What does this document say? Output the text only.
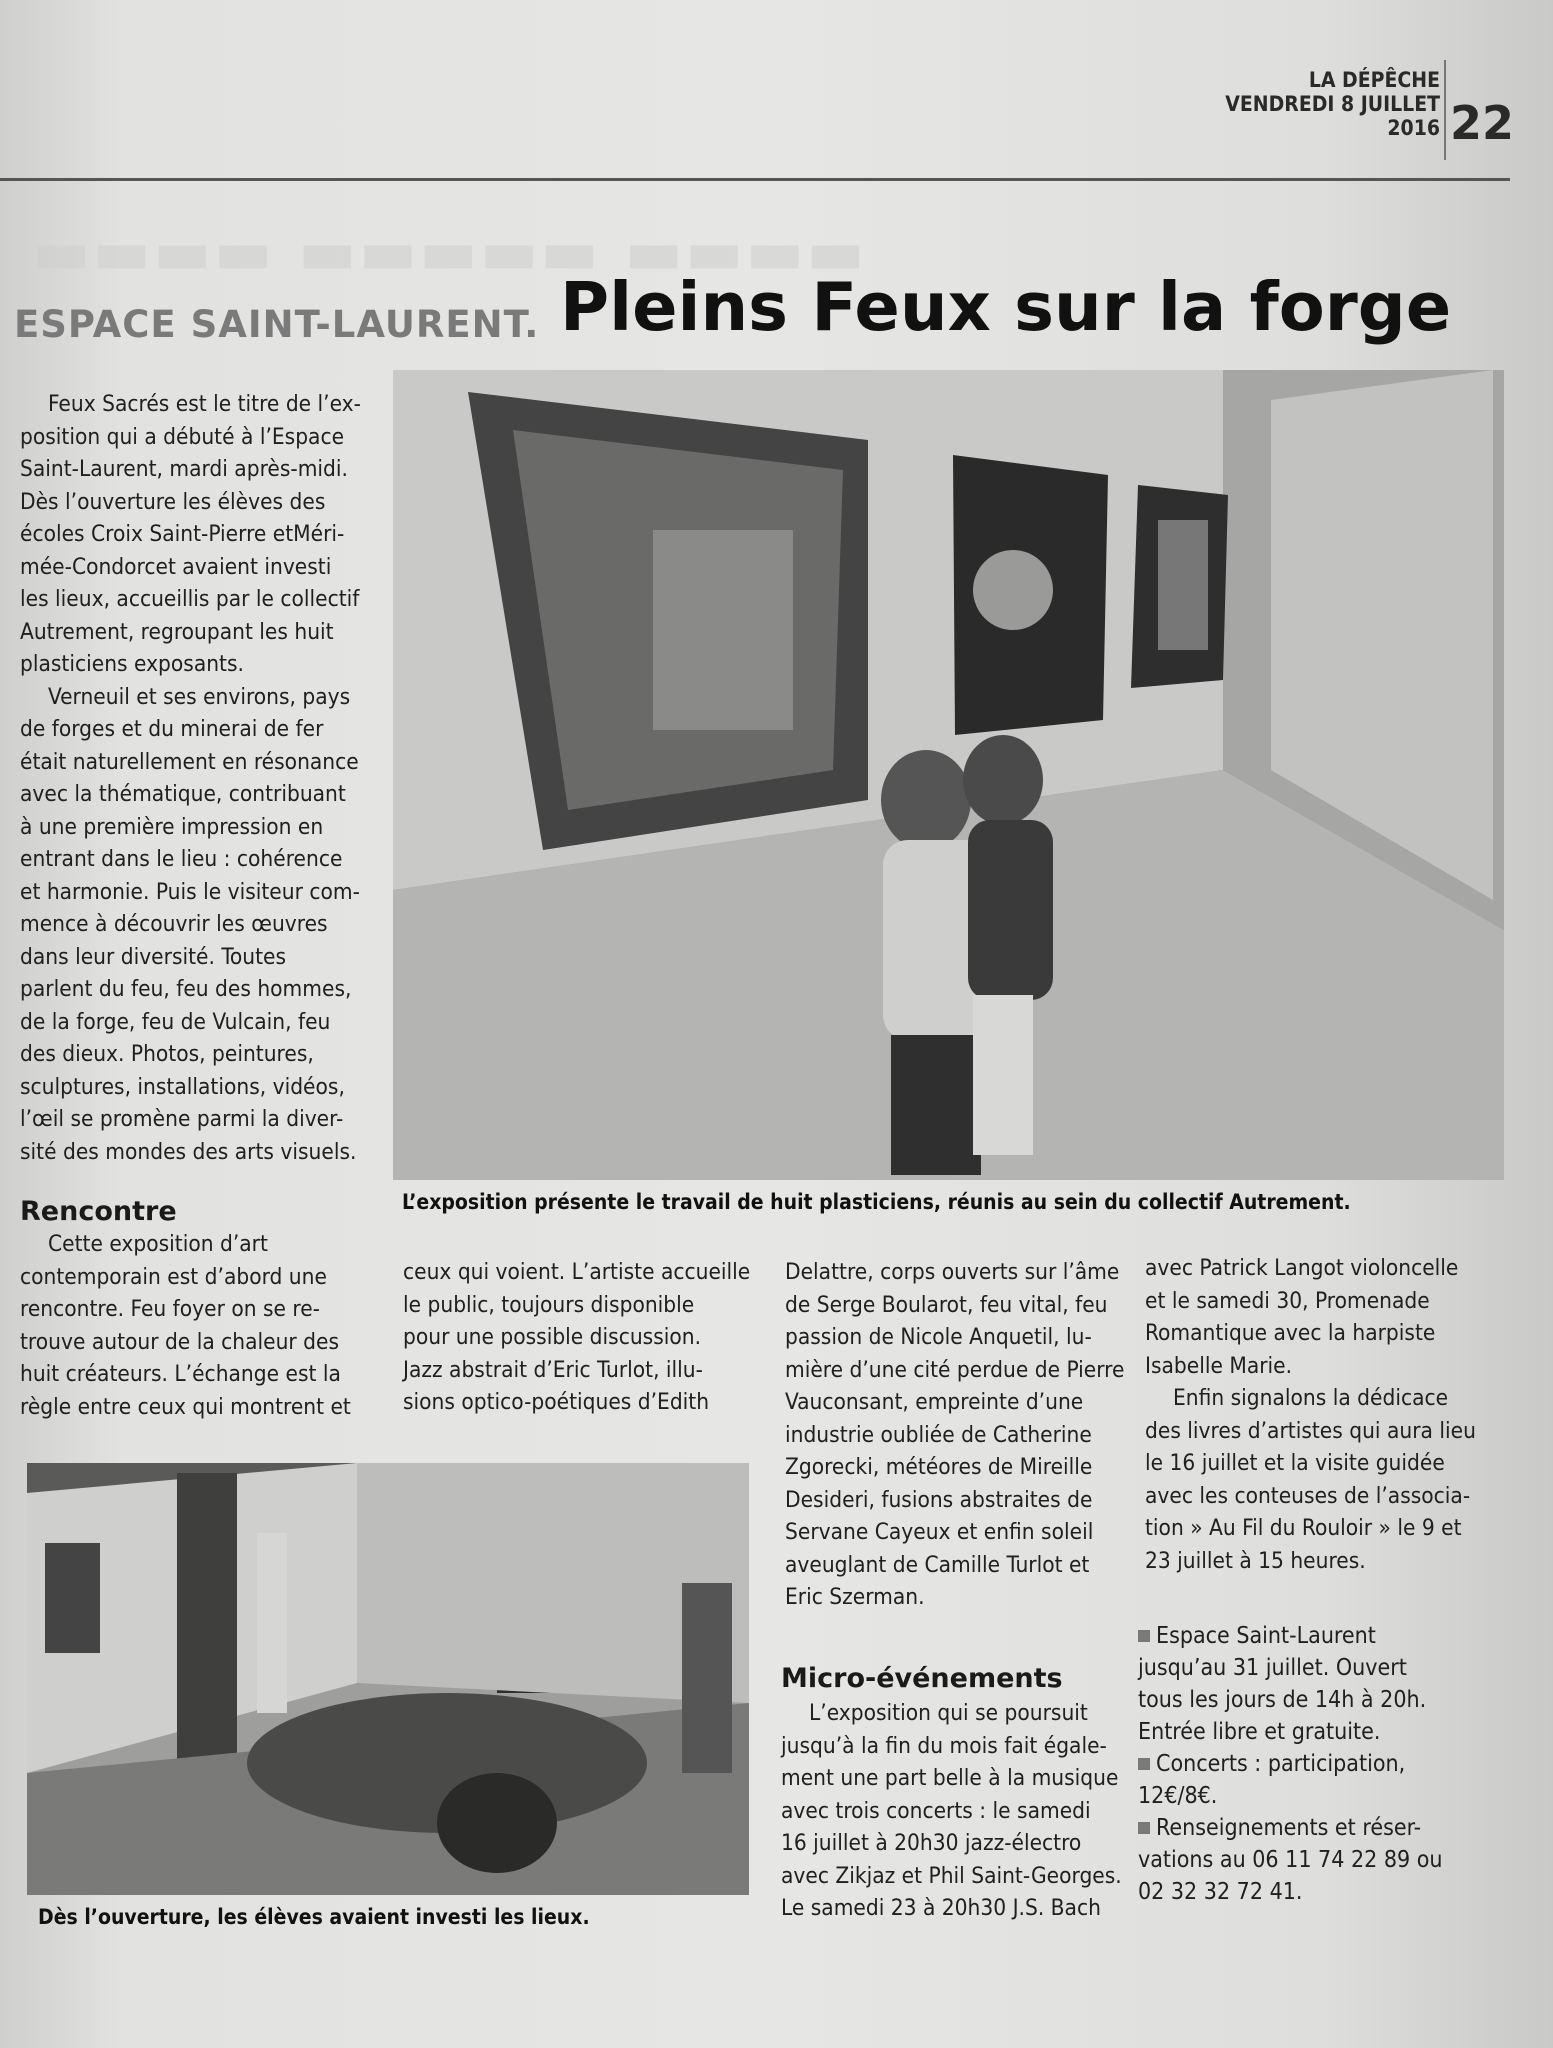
▬▬▬▬ ▬▬▬▬▬ ▬▬▬▬
LA DÉPÊCHE
VENDREDI 8 JUILLET 2016 22
ESPACE SAINT-LAURENT. Pleins Feux sur la forge
Feux Sacrés est le titre de l’ex-
position qui a débuté à l’Espace
Saint-Laurent, mardi après-midi.
Dès l’ouverture les élèves des
écoles Croix Saint-Pierre etMéri-
mée-Condorcet avaient investi
les lieux, accueillis par le collectif
Autrement, regroupant les huit
plasticiens exposants.
Verneuil et ses environs, pays
de forges et du minerai de fer
était naturellement en résonance
avec la thématique, contribuant
à une première impression en
entrant dans le lieu : cohérence
et harmonie. Puis le visiteur com-
mence à découvrir les œuvres
dans leur diversité. Toutes
parlent du feu, feu des hommes,
de la forge, feu de Vulcain, feu
des dieux. Photos, peintures,
sculptures, installations, vidéos,
l’œil se promène parmi la diver-
sité des mondes des arts visuels.
L’exposition présente le travail de huit plasticiens, réunis au sein du collectif Autrement.
Rencontre
Cette exposition d’art
contemporain est d’abord une
rencontre. Feu foyer on se re-
trouve autour de la chaleur des
huit créateurs. L’échange est la
règle entre ceux qui montrent et
ceux qui voient. L’artiste accueille
le public, toujours disponible
pour une possible discussion.
Jazz abstrait d’Eric Turlot, illu-
sions optico-poétiques d’Edith
Delattre, corps ouverts sur l’âme
de Serge Boularot, feu vital, feu
passion de Nicole Anquetil, lu-
mière d’une cité perdue de Pierre
Vauconsant, empreinte d’une
industrie oubliée de Catherine
Zgorecki, météores de Mireille
Desideri, fusions abstraites de
Servane Cayeux et enfin soleil
aveuglant de Camille Turlot et
Eric Szerman.
Micro-événements
L’exposition qui se poursuit
jusqu’à la fin du mois fait égale-
ment une part belle à la musique
avec trois concerts : le samedi
16 juillet à 20h30 jazz-électro
avec Zikjaz et Phil Saint-Georges.
Le samedi 23 à 20h30 J.S. Bach
avec Patrick Langot violoncelle
et le samedi 30, Promenade
Romantique avec la harpiste
Isabelle Marie.
Enfin signalons la dédicace
des livres d’artistes qui aura lieu
le 16 juillet et la visite guidée
avec les conteuses de l’associa-
tion » Au Fil du Rouloir » le 9 et
23 juillet à 15 heures.
Dès l’ouverture, les élèves avaient investi les lieux.

Espace Saint-Laurent
jusqu’au 31 juillet. Ouvert
tous les jours de 14h à 20h.
Entrée libre et gratuite.

Concerts : participation,
12€/8€.

Renseignements et réser-
vations au 06 11 74 22 89 ou
02 32 32 72 41.
